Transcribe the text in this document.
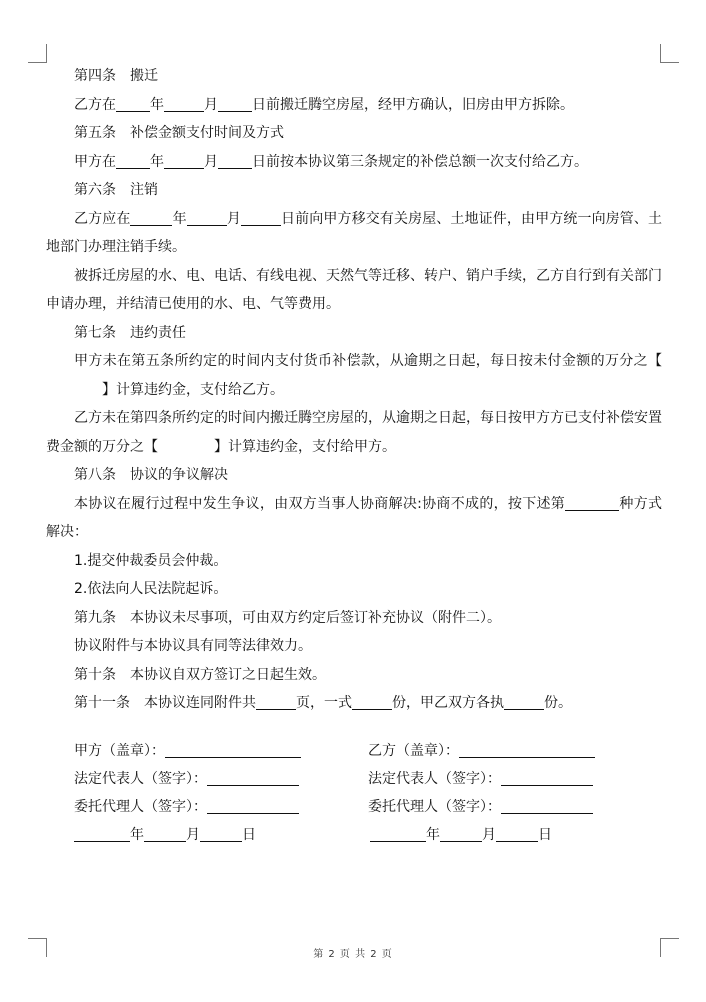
第四条 搬迁

乙方在 年	月 日前搬迁腾空房屋，经甲方确认，旧房由甲方拆除。

第五条 补偿金额支付时间及方式

甲方在 年	月 日前按本协议第三条规定的补偿总额一次支付给乙方。

第六条 注销

乙方应在	年	月	日前向甲方移交有关房屋、土地证件，由甲方统一向房管、土地部门办理注销手续。

被拆迁房屋的水、电、电话、有线电视、天然气等迁移、转户、销户手续，乙方自行到有关部门申请办理，并结清已使用的水、电、气等费用。

第七条 违约责任

甲方未在第五条所约定的时间内支付货币补偿款，从逾期之日起，每日按未付金额的万分之【】计算违约金，支付给乙方。

乙方未在第四条所约定的时间内搬迁腾空房屋的，从逾期之日起，每日按甲方方已支付补偿安置费金额的万分之【	】计算违约金，支付给甲方。

第八条 协议的争议解决

本协议在履行过程中发生争议，由双方当事人协商解决:协商不成的，按下述第	种方式解决：

1.提交仲裁委员会仲裁。

2.依法向人民法院起诉。

第九条 本协议未尽事项，可由双方约定后签订补充协议（附件二）。

协议附件与本协议具有同等法律效力。

第十条 本协议自双方签订之日起生效。

第十一条 本协议连同附件共	页，一式	份，甲乙双方各执	份。

甲方（盖章）：	乙方（盖章）：
法定代表人（签字）：	法定代表人（签字）：
委托代理人（签字）：	委托代理人（签字）：
年	月	日	年	月	日
第 2 页 共 2 页
